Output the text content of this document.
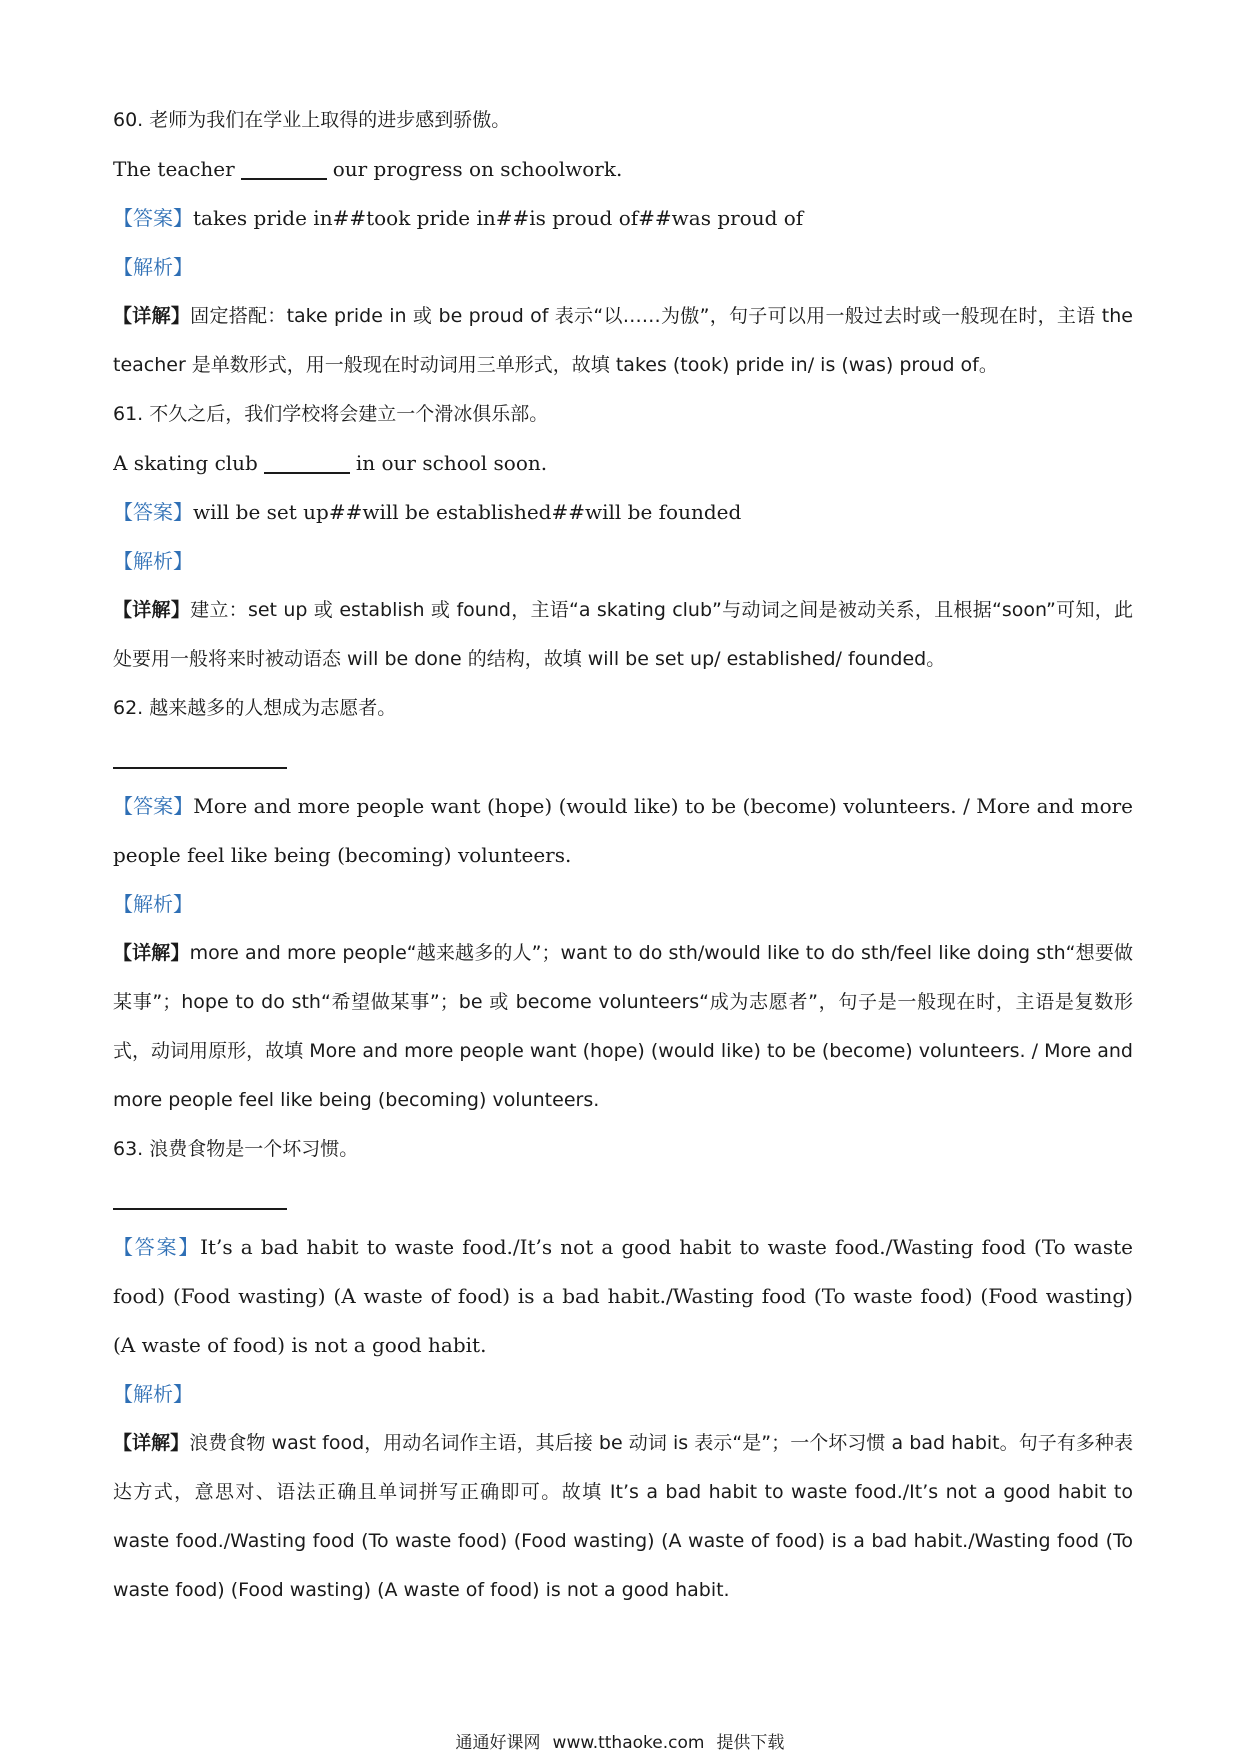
60. 老师为我们在学业上取得的进步感到骄傲。
The teacher	our progress on schoolwork.
【答案】takes pride in##took pride in##is proud of##was proud of
【解析】
【详解】固定搭配：take pride in 或 be proud of 表示“以……为傲”，句子可以用一般过去时或一般现在时，主语 the teacher 是单数形式，用一般现在时动词用三单形式，故填 takes (took) pride in/ is (was) proud of。
61. 不久之后，我们学校将会建立一个滑冰俱乐部。
A skating club	in our school soon.
【答案】will be set up##will be established##will be founded
【解析】
【详解】建立：set up 或 establish 或 found，主语“a skating club”与动词之间是被动关系，且根据“soon”可知，此处要用一般将来时被动语态 will be done 的结构，故填 will be set up/ established/ founded。
62. 越来越多的人想成为志愿者。
【答案】More and more people want (hope) (would like) to be (become) volunteers. / More and more people feel like being (becoming) volunteers.
【解析】
【详解】more and more people“越来越多的人”；want to do sth/would like to do sth/feel like doing sth“想要做某事”；hope to do sth“希望做某事”；be 或 become volunteers“成为志愿者”，句子是一般现在时，主语是复数形式，动词用原形，故填 More and more people want (hope) (would like) to be (become) volunteers. / More and more people feel like being (becoming) volunteers.
63. 浪费食物是一个坏习惯。
【答案】It’s a bad habit to waste food./It’s not a good habit to waste food./Wasting food (To waste food) (Food wasting) (A waste of food) is a bad habit./Wasting food (To waste food) (Food wasting) (A waste of food) is not a good habit.
【解析】
【详解】浪费食物 wast food，用动名词作主语，其后接 be 动词 is 表示“是”；一个坏习惯 a bad habit。句子有多种表达方式，意思对、语法正确且单词拼写正确即可。故填 It’s a bad habit to waste food./It’s not a good habit to waste food./Wasting food (To waste food) (Food wasting) (A waste of food) is a bad habit./Wasting food (To waste food) (Food wasting) (A waste of food) is not a good habit.
通通好课网 www.tthaoke.com 提供下载
